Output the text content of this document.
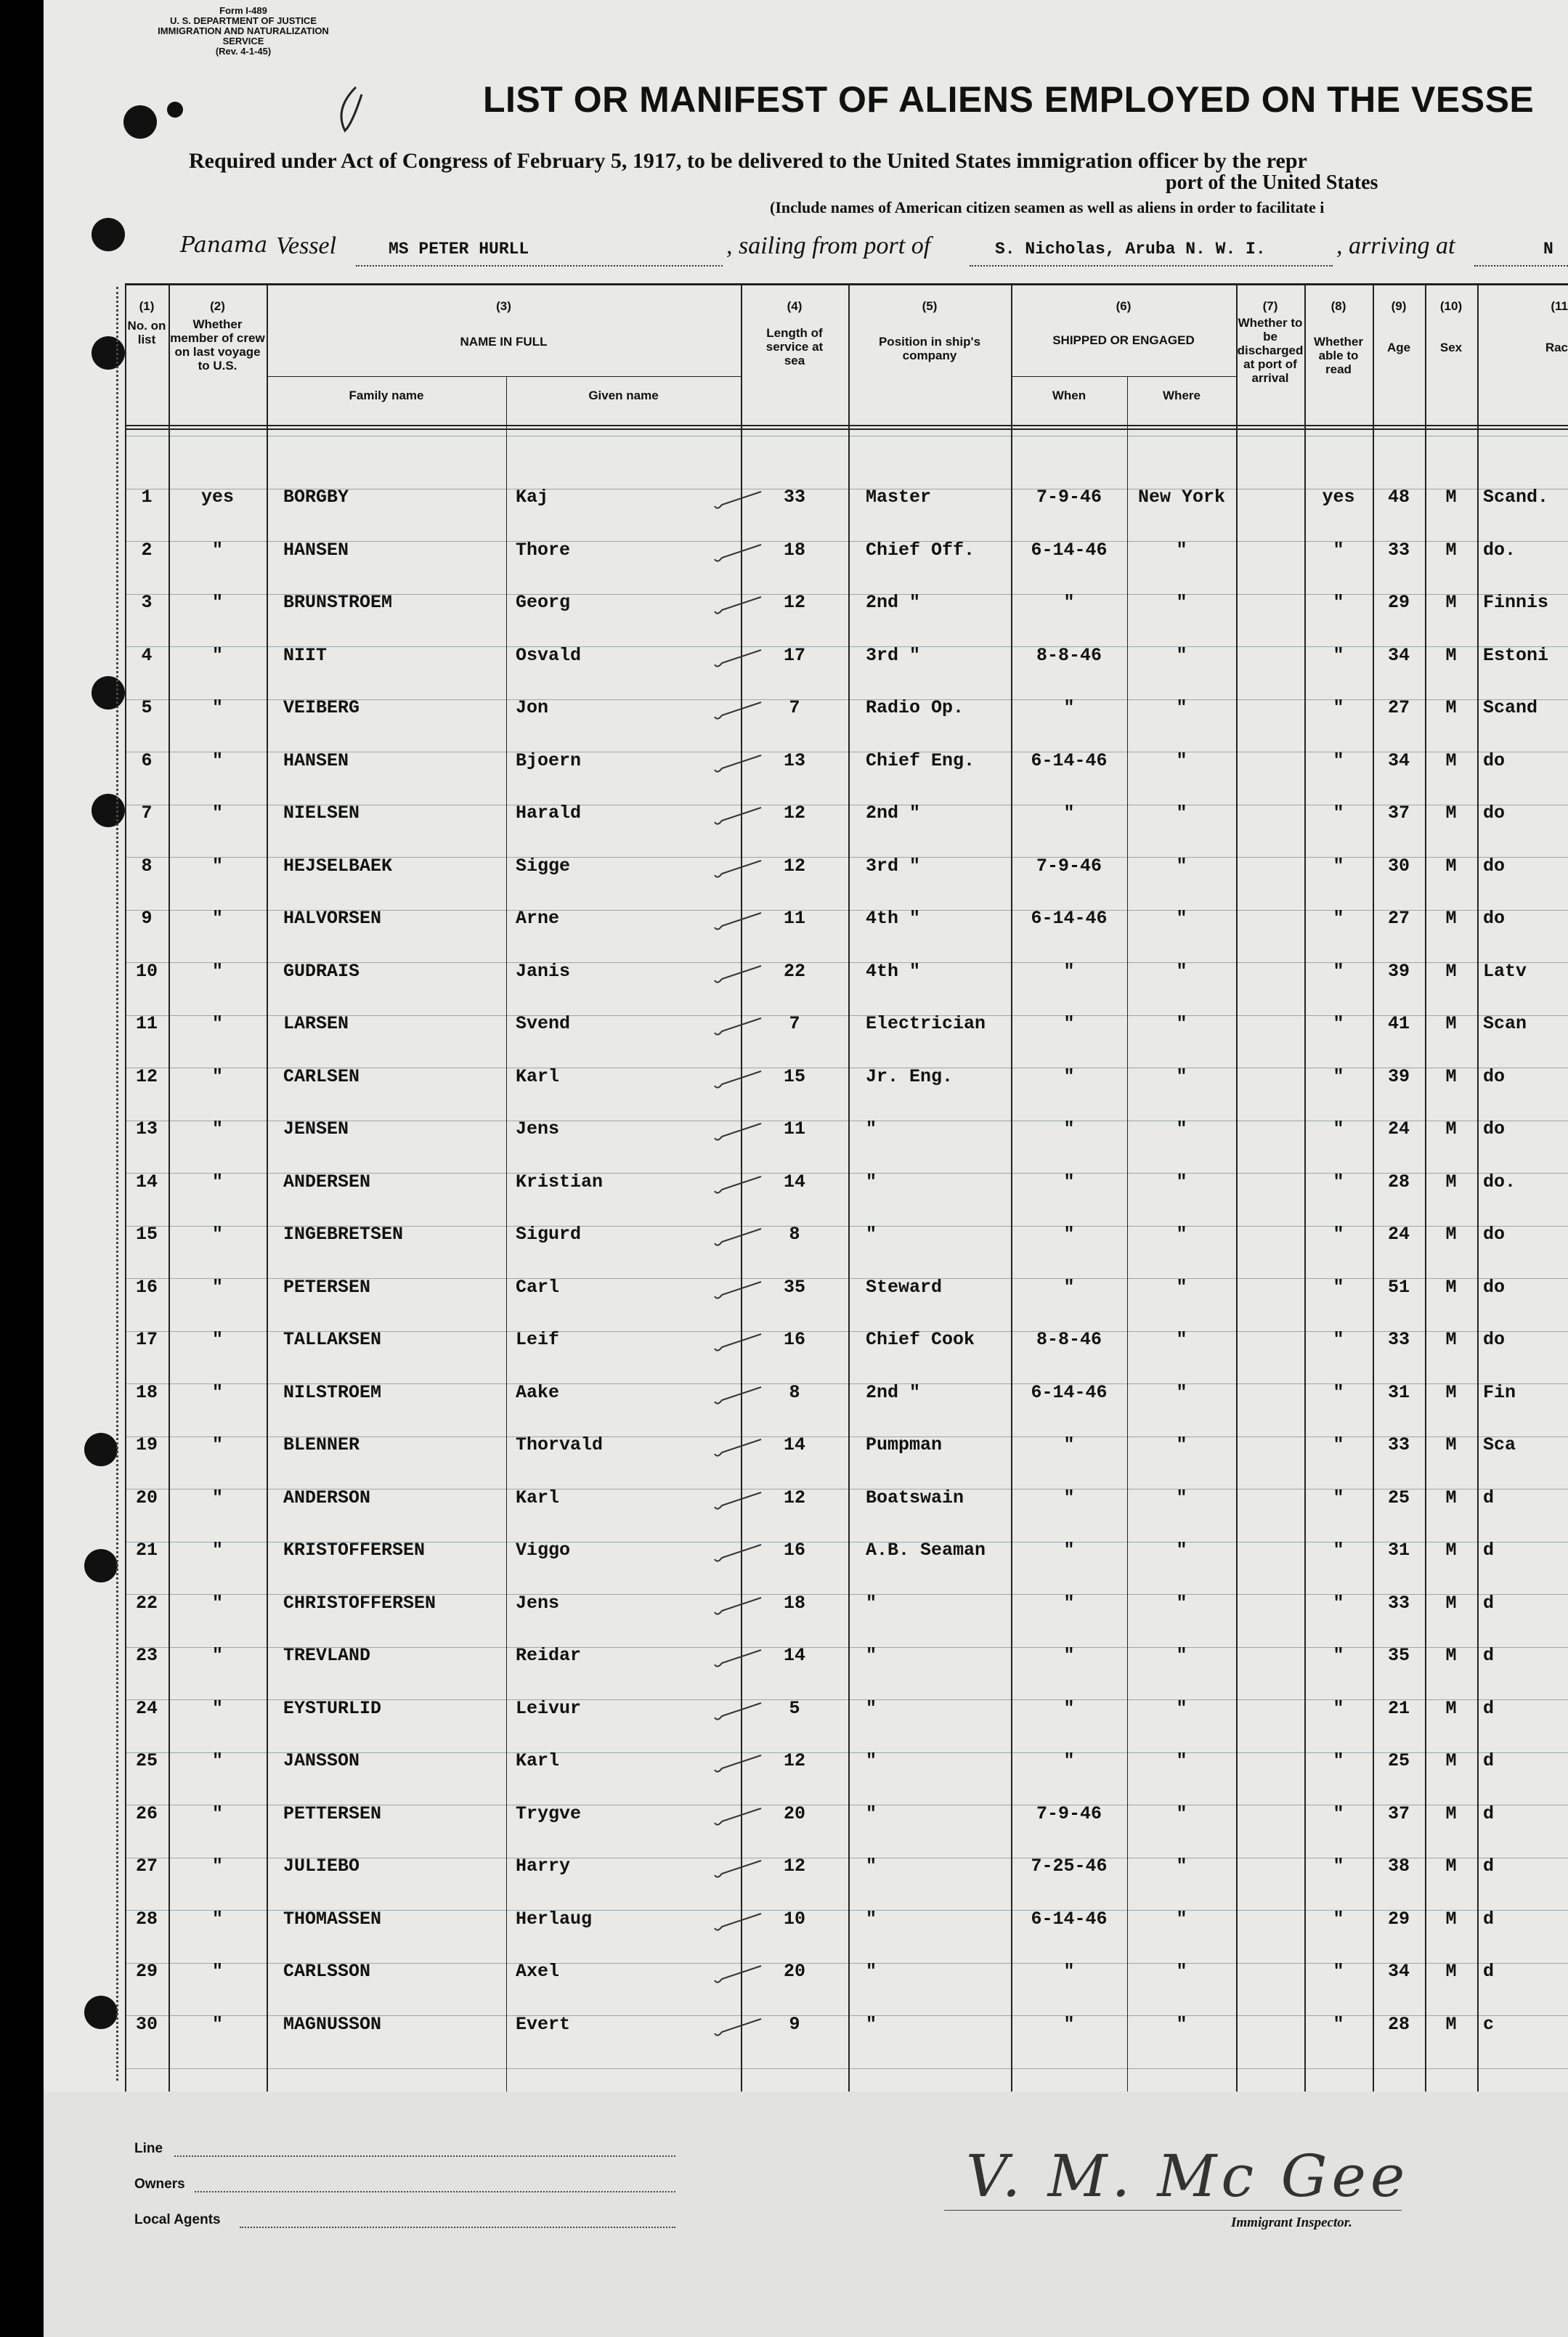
Form I-489
U. S. DEPARTMENT OF JUSTICE
IMMIGRATION AND NATURALIZATION SERVICE
(Rev. 4-1-45)
LIST OR MANIFEST OF ALIENS EMPLOYED ON THE VESSE
Required under Act of Congress of February 5, 1917, to be delivered to the United States immigration officer by the repr
port of the United States
(Include names of American citizen seamen as well as aliens in order to facilitate i
Panama Vessel	MS PETER HURLL	, sailing from port of	S. Nicholas, Aruba N. W. I.	, arriving at	N
(1)
No. on list
(2)
Whether member of crew on last voyage to U.S.
(3)
NAME IN FULL
Family name	Given name
(4)
Length of service at sea
(5)
Position in ship's company
(6)
SHIPPED OR ENGAGED
When	Where
(7)
Whether to be discharged at port of arrival
(8)
Whether able to read
(9)
Age
(10)
Sex
(11
Rac
1	yes	BORGBY	Kaj	33	Master	7-9-46	New York	yes	48	M	Scand.
2	"	HANSEN	Thore	18	Chief Off.	6-14-46	"	"	33	M	do.
3	"	BRUNSTROEM	Georg	12	2nd "	"	"	"	29	M	Finnis
4	"	NIIT	Osvald	17	3rd "	8-8-46	"	"	34	M	Estoni
5	"	VEIBERG	Jon	7	Radio Op.	"	"	"	27	M	Scand
6	"	HANSEN	Bjoern	13	Chief Eng.	6-14-46	"	"	34	M	do
7	"	NIELSEN	Harald	12	2nd "	"	"	"	37	M	do
8	"	HEJSELBAEK	Sigge	12	3rd "	7-9-46	"	"	30	M	do
9	"	HALVORSEN	Arne	11	4th "	6-14-46	"	"	27	M	do
10	"	GUDRAIS	Janis	22	4th "	"	"	"	39	M	Latv
11	"	LARSEN	Svend	7	Electrician	"	"	"	41	M	Scan
12	"	CARLSEN	Karl	15	Jr. Eng.	"	"	"	39	M	do
13	"	JENSEN	Jens	11	"	"	"	"	24	M	do
14	"	ANDERSEN	Kristian	14	"	"	"	"	28	M	do.
15	"	INGEBRETSEN	Sigurd	8	"	"	"	"	24	M	do
16	"	PETERSEN	Carl	35	Steward	"	"	"	51	M	do
17	"	TALLAKSEN	Leif	16	Chief Cook	8-8-46	"	"	33	M	do
18	"	NILSTROEM	Aake	8	2nd "	6-14-46	"	"	31	M	Fin
19	"	BLENNER	Thorvald	14	Pumpman	"	"	"	33	M	Sca
20	"	ANDERSON	Karl	12	Boatswain	"	"	"	25	M	d
21	"	KRISTOFFERSEN	Viggo	16	A.B. Seaman	"	"	"	31	M	d
22	"	CHRISTOFFERSEN	Jens	18	"	"	"	"	33	M	d
23	"	TREVLAND	Reidar	14	"	"	"	"	35	M	d
24	"	EYSTURLID	Leivur	5	"	"	"	"	21	M	d
25	"	JANSSON	Karl	12	"	"	"	"	25	M	d
26	"	PETTERSEN	Trygve	20	"	7-9-46	"	"	37	M	d
27	"	JULIEBO	Harry	12	"	7-25-46	"	"	38	M	d
28	"	THOMASSEN	Herlaug	10	"	6-14-46	"	"	29	M	d
29	"	CARLSSON	Axel	20	"	"	"	"	34	M	d
30	"	MAGNUSSON	Evert	9	"	"	"	"	28	M	c
Line
Owners
Local Agents
V. M. Mc Gee
Immigrant Inspector.
